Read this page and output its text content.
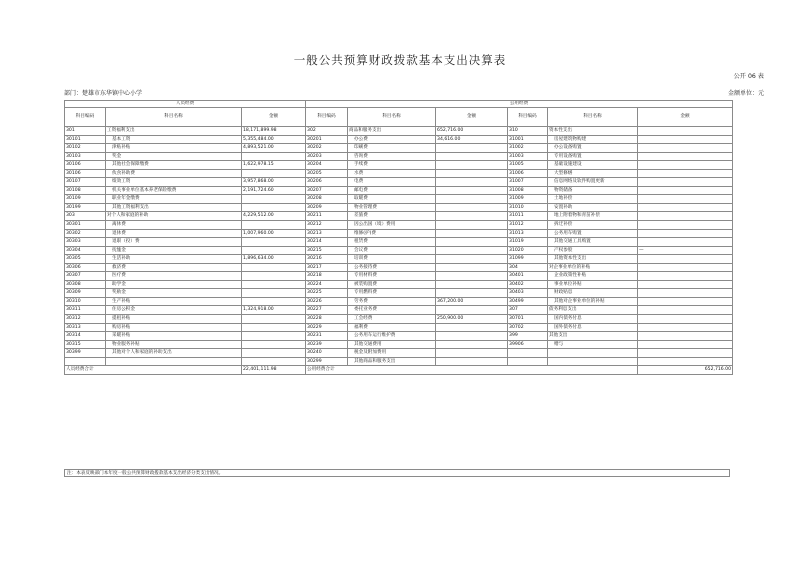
一般公共预算财政拨款基本支出决算表
公开 06 表
部门：楚雄市东华镇中心小学	金额单位：元
人员经费			公用经费					
科目编码	科目名称	金额	科目编码	科目名称	金额	科目编码	科目名称	金额
301	工资福利支出	18,171,899.98	302	商品和服务支出	652,716.00	310	资本性支出	
30101	基本工资	5,355,484.00	30201	办公费	34,616.00	31001	房屋建筑物购建	
30102	津贴补贴	4,893,521.00	30202	印刷费		31002	办公设备购置	
30103	奖金		30203	咨询费		31003	专用设备购置	
30106	其他社会保障缴费	1,622,978.15	30204	手续费		31005	基础设施建设	
30106	伙食补助费		30205	水费		31006	大型修缮	
30107	绩效工资	3,957,868.00	30206	电费		31007	信息网络及软件购置更新	
30108	机关事业单位基本养老保险缴费	2,191,724.60	30207	邮电费		31008	物资储备	
30109	职业年金缴费		30208	取暖费		31009	土地补偿	
30199	其他工资福利支出		30209	物业管理费		31010	安置补助	
303	对个人和家庭的补助	4,229,512.00	30211	差旅费		31011	地上附着物和青苗补偿	
30301	离休费		30212	因公出国（境）费用		31012	拆迁补偿	
30302	退休费	1,007,960.00	30213	维修(护)费		31013	公务用车购置	
30303	退职（役）费		30214	租赁费		31019	其他交通工具购置	
30304	抚恤金		30215	会议费		31020	产权参股	—
30305	生活补助	1,896,634.00	30216	培训费		31099	其他资本性支出	
30306	救济费		30217	公务接待费		304	对企事业单位的补贴	
30307	医疗费		30218	专用材料费		30401	企业政策性补贴	
30308	助学金		30224	被装购置费		30402	事业单位补贴	
30309	奖励金		30225	专用燃料费		30403	财政贴息	
30310	生产补贴		30226	劳务费	367,200.00	30499	其他对企事业单位的补贴	
30311	住房公积金	1,324,918.00	30227	委托业务费		307	债务利息支出	
30312	提租补贴		30228	工会经费	250,900.00	30701	国内债务付息	
30313	购房补贴		30229	福利费		30702	国外债务付息	
30314	采暖补贴		30231	公务用车运行维护费		399	其他支出	
30315	物业服务补贴		30239	其他交通费用		39906	赠与	
30399	其他对个人和家庭的补助支出		30240	税金及附加费用				
			30299	其他商品和服务支出				
人员经费合计		22,401,111.98	公用经费合计					652,716.00
注：本表反映部门本年度一般公共预算财政拨款基本支出经济分类支出情况。
